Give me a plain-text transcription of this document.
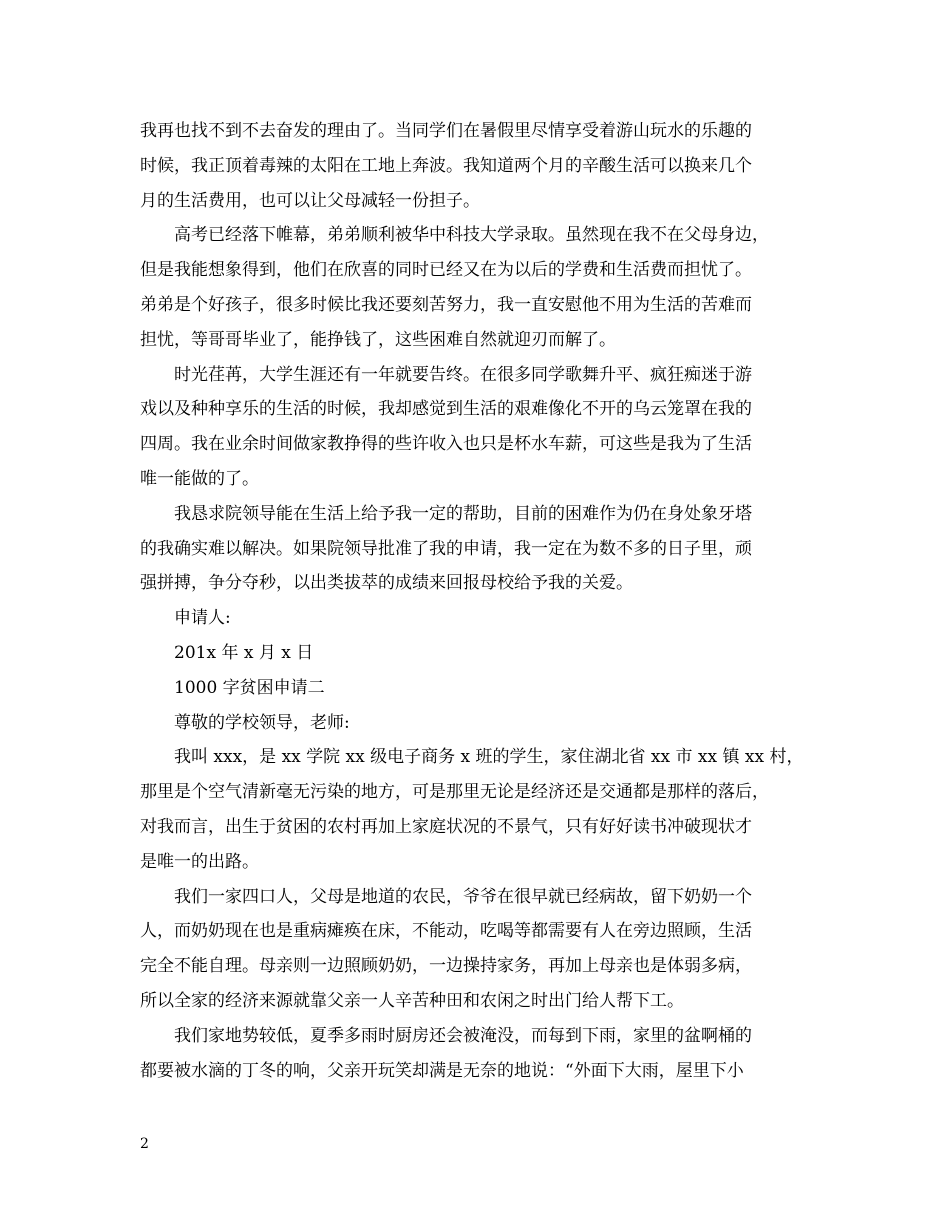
我再也找不到不去奋发的理由了。当同学们在暑假里尽情享受着游山玩水的乐趣的
时候，我正顶着毒辣的太阳在工地上奔波。我知道两个月的辛酸生活可以换来几个
月的生活费用，也可以让父母减轻一份担子。
高考已经落下帷幕，弟弟顺利被华中科技大学录取。虽然现在我不在父母身边，
但是我能想象得到，他们在欣喜的同时已经又在为以后的学费和生活费而担忧了。
弟弟是个好孩子，很多时候比我还要刻苦努力，我一直安慰他不用为生活的苦难而
担忧，等哥哥毕业了，能挣钱了，这些困难自然就迎刃而解了。
时光荏苒，大学生涯还有一年就要告终。在很多同学歌舞升平、疯狂痴迷于游
戏以及种种享乐的生活的时候，我却感觉到生活的艰难像化不开的乌云笼罩在我的
四周。我在业余时间做家教挣得的些许收入也只是杯水车薪，可这些是我为了生活
唯一能做的了。
我恳求院领导能在生活上给予我一定的帮助，目前的困难作为仍在身处象牙塔
的我确实难以解决。如果院领导批准了我的申请，我一定在为数不多的日子里，顽
强拼搏，争分夺秒，以出类拔萃的成绩来回报母校给予我的关爱。
申请人:
201x 年 x 月 x 日
1000 字贫困申请二
尊敬的学校领导，老师:
我叫 xxx，是 xx 学院 xx 级电子商务 x 班的学生，家住湖北省 xx 市 xx 镇 xx 村，
那里是个空气清新毫无污染的地方，可是那里无论是经济还是交通都是那样的落后，
对我而言，出生于贫困的农村再加上家庭状况的不景气，只有好好读书冲破现状才
是唯一的出路。
我们一家四口人，父母是地道的农民，爷爷在很早就已经病故，留下奶奶一个
人，而奶奶现在也是重病瘫痪在床，不能动，吃喝等都需要有人在旁边照顾，生活
完全不能自理。母亲则一边照顾奶奶，一边操持家务，再加上母亲也是体弱多病，
所以全家的经济来源就靠父亲一人辛苦种田和农闲之时出门给人帮下工。
我们家地势较低，夏季多雨时厨房还会被淹没，而每到下雨，家里的盆啊桶的
都要被水滴的丁冬的响，父亲开玩笑却满是无奈的地说：“外面下大雨，屋里下小
2
